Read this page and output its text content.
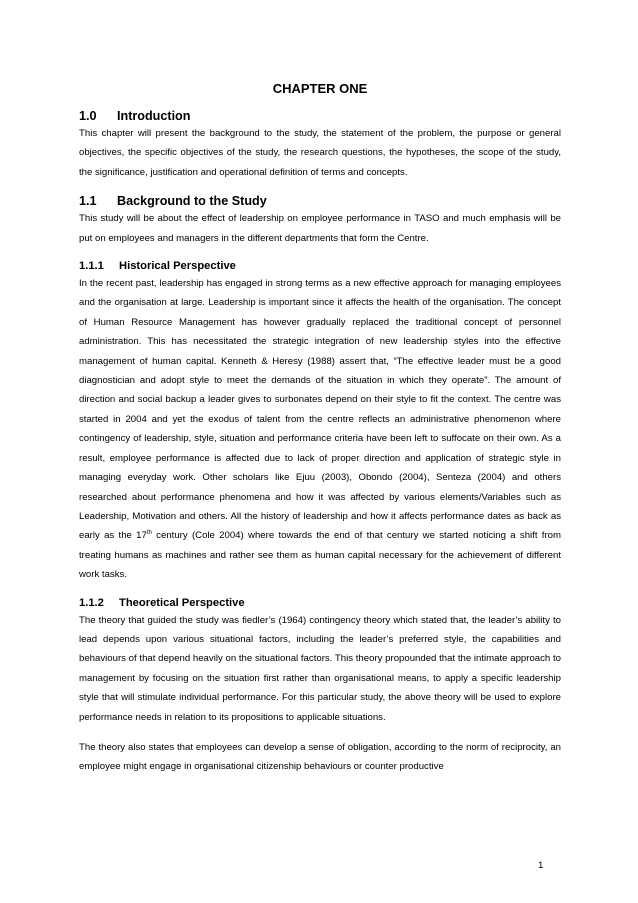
CHAPTER ONE
1.0	Introduction

This chapter will present the background to the study, the statement of the problem, the purpose or general objectives, the specific objectives of the study, the research questions, the hypotheses, the scope of the study, the significance, justification and operational definition of terms and concepts.

1.1	Background to the Study

This study will be about the effect of leadership on employee performance in TASO and much emphasis will be put on employees and managers in the different departments that form the Centre.

1.1.1	Historical Perspective

In the recent past, leadership has engaged in strong terms as a new effective approach for managing employees and the organisation at large. Leadership is important since it affects the health of the organisation. The concept of Human Resource Management has however gradually replaced the traditional concept of personnel administration. This has necessitated the strategic integration of new leadership styles into the effective management of human capital. Kenneth & Heresy (1988) assert that, “The effective leader must be a good diagnostician and adopt style to meet the demands of the situation in which they operate”. The amount of direction and social backup a leader gives to surbonates depend on their style to fit the context. The centre was started in 2004 and yet the exodus of talent from the centre reflects an administrative phenomenon where contingency of leadership, style, situation and performance criteria have been left to suffocate on their own. As a result, employee performance is affected due to lack of proper direction and application of strategic style in managing everyday work. Other scholars like Ejuu (2003), Obondo (2004), Senteza (2004) and others researched about performance phenomena and how it was affected by various elements/Variables such as Leadership, Motivation and others. All the history of leadership and how it affects performance dates as back as early as the 17th century (Cole 2004) where towards the end of that century we started noticing a shift from treating humans as machines and rather see them as human capital necessary for the achievement of different work tasks.

1.1.2	Theoretical Perspective

The theory that guided the study was fiedler’s (1964) contingency theory which stated that, the leader’s ability to lead depends upon various situational factors, including the leader’s preferred style, the capabilities and behaviours of that depend heavily on the situational factors. This theory propounded that the intimate approach to management by focusing on the situation first rather than organisational means, to apply a specific leadership style that will stimulate individual performance. For this particular study, the above theory will be used to explore performance needs in relation to its propositions to applicable situations.

The theory also states that employees can develop a sense of obligation, according to the norm of reciprocity, an employee might engage in organisational citizenship behaviours or counter productive

1
